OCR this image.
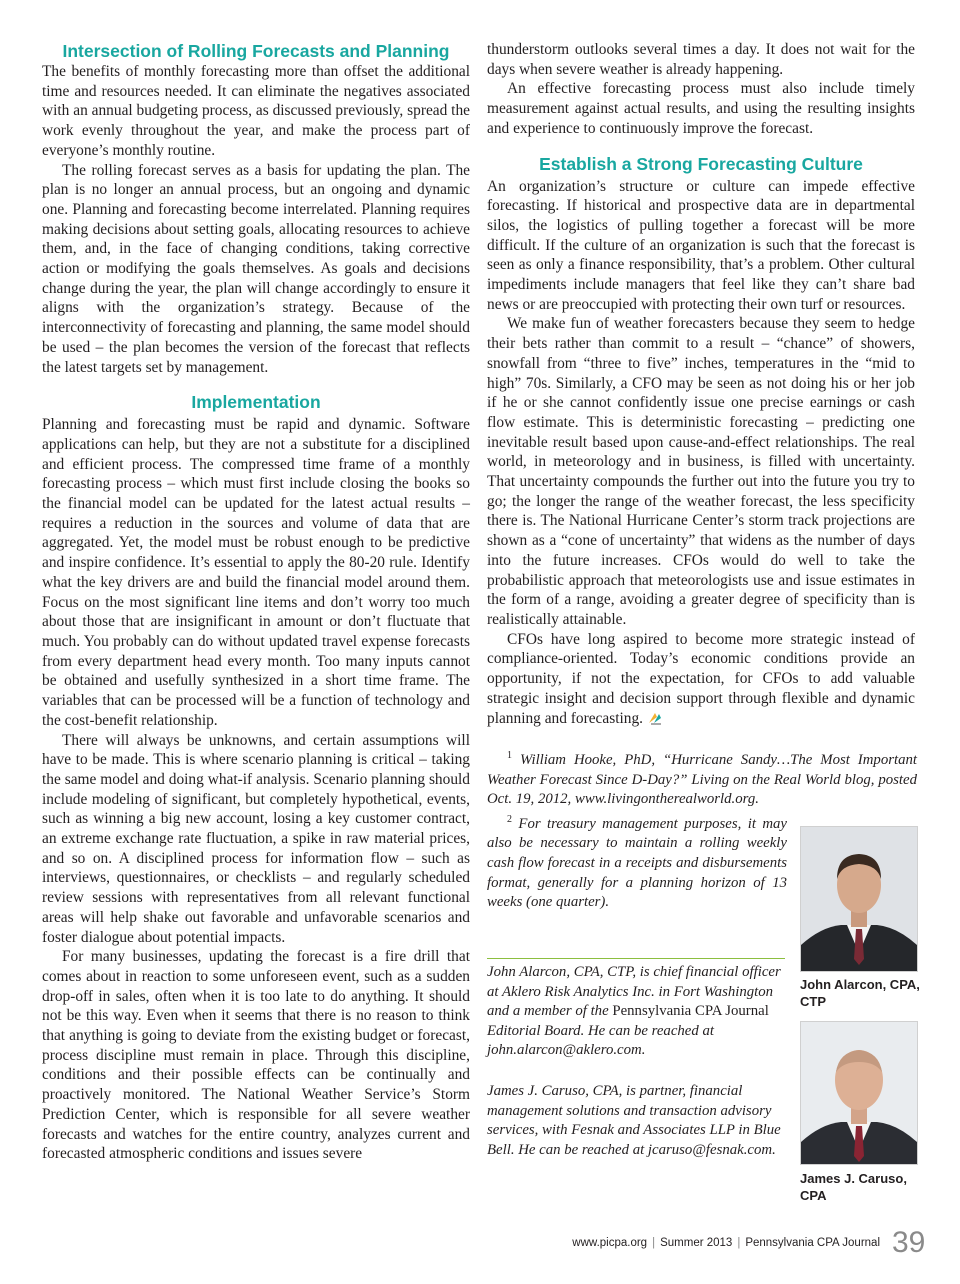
Intersection of Rolling Forecasts and Planning

The benefits of monthly forecasting more than offset the additional time and resources needed. It can eliminate the negatives associated with an annual budgeting process, as discussed previously, spread the work evenly throughout the year, and make the process part of everyone’s monthly routine.

The rolling forecast serves as a basis for updating the plan. The plan is no longer an annual process, but an ongoing and dynamic one. Planning and forecasting become interrelated. Planning requires making decisions about setting goals, allocating resources to achieve them, and, in the face of changing conditions, taking corrective action or modifying the goals themselves. As goals and decisions change during the year, the plan will change accordingly to ensure it aligns with the organization’s strategy. Because of the interconnectivity of forecasting and planning, the same model should be used – the plan becomes the version of the forecast that reflects the latest targets set by management.

Implementation

Planning and forecasting must be rapid and dynamic. Software applications can help, but they are not a substitute for a disciplined and efficient process. The compressed time frame of a monthly forecasting process – which must first include closing the books so the financial model can be updated for the latest actual results – requires a reduction in the sources and volume of data that are aggregated. Yet, the model must be robust enough to be predictive and inspire confidence. It’s essential to apply the 80-20 rule. Identify what the key drivers are and build the financial model around them. Focus on the most significant line items and don’t worry too much about those that are insignificant in amount or don’t fluctuate that much. You probably can do without updated travel expense forecasts from every department head every month. Too many inputs cannot be obtained and usefully synthesized in a short time frame. The variables that can be processed will be a function of technology and the cost-benefit relationship.

There will always be unknowns, and certain assumptions will have to be made. This is where scenario planning is critical – taking the same model and doing what-if analysis. Scenario planning should include modeling of significant, but completely hypothetical, events, such as winning a big new account, losing a key customer contract, an extreme exchange rate fluctuation, a spike in raw material prices, and so on. A disciplined process for information flow – such as interviews, questionnaires, or checklists – and regularly scheduled review sessions with representatives from all relevant functional areas will help shake out favorable and unfavorable scenarios and foster dialogue about potential impacts.

For many businesses, updating the forecast is a fire drill that comes about in reaction to some unforeseen event, such as a sudden drop-off in sales, often when it is too late to do anything. It should not be this way. Even when it seems that there is no reason to think that anything is going to deviate from the existing budget or forecast, process discipline must remain in place. Through this discipline, conditions and their possible effects can be continually and proactively monitored. The National Weather Service’s Storm Prediction Center, which is responsible for all severe weather forecasts and watches for the entire country, analyzes current and forecasted atmospheric conditions and issues severe

thunderstorm outlooks several times a day. It does not wait for the days when severe weather is already happening.

An effective forecasting process must also include timely measurement against actual results, and using the resulting insights and experience to continuously improve the forecast.

Establish a Strong Forecasting Culture

An organization’s structure or culture can impede effective forecasting. If historical and prospective data are in departmental silos, the logistics of pulling together a forecast will be more difficult. If the culture of an organization is such that the forecast is seen as only a finance responsibility, that’s a problem. Other cultural impediments include managers that feel like they can’t share bad news or are preoccupied with protecting their own turf or resources.

We make fun of weather forecasters because they seem to hedge their bets rather than commit to a result – “chance” of showers, snowfall from “three to five” inches, temperatures in the “mid to high” 70s. Similarly, a CFO may be seen as not doing his or her job if he or she cannot confidently issue one precise earnings or cash flow estimate. This is deterministic forecasting – predicting one inevitable result based upon cause-and-effect relationships. The real world, in meteorology and in business, is filled with uncertainty. That uncertainty compounds the further out into the future you try to go; the longer the range of the weather forecast, the less specificity there is. The National Hurricane Center’s storm track projections are shown as a “cone of uncertainty” that widens as the number of days into the future increases. CFOs would do well to take the probabilistic approach that meteorologists use and issue estimates in the form of a range, avoiding a greater degree of specificity than is realistically attainable.

CFOs have long aspired to become more strategic instead of compliance-oriented. Today’s economic conditions provide an opportunity, if not the expectation, for CFOs to add valuable strategic insight and decision support through flexible and dynamic planning and forecasting.

$^1$ William Hooke, PhD, “Hurricane Sandy…The Most Important Weather Forecast Since D-Day?” Living on the Real World blog, posted Oct. 19, 2012, www.livingontherealworld.org.

$^2$ For treasury management purposes, it may also be necessary to maintain a rolling weekly cash flow forecast in a receipts and disbursements format, generally for a planning horizon of 13 weeks (one quarter).

John Alarcon, CPA, CTP
James J. Caruso, CPA
John Alarcon, CPA, CTP, is chief financial officer at Aklero Risk Analytics Inc. in Fort Washington and a member of the Pennsylvania CPA Journal Editorial Board. He can be reached at john.alarcon@aklero.com.
James J. Caruso, CPA, is partner, financial management solutions and transaction advisory services, with Fesnak and Associates LLP in Blue Bell. He can be reached at jcaruso@fesnak.com.
www.picpa.org | Summer 2013 | Pennsylvania CPA Journal 39
